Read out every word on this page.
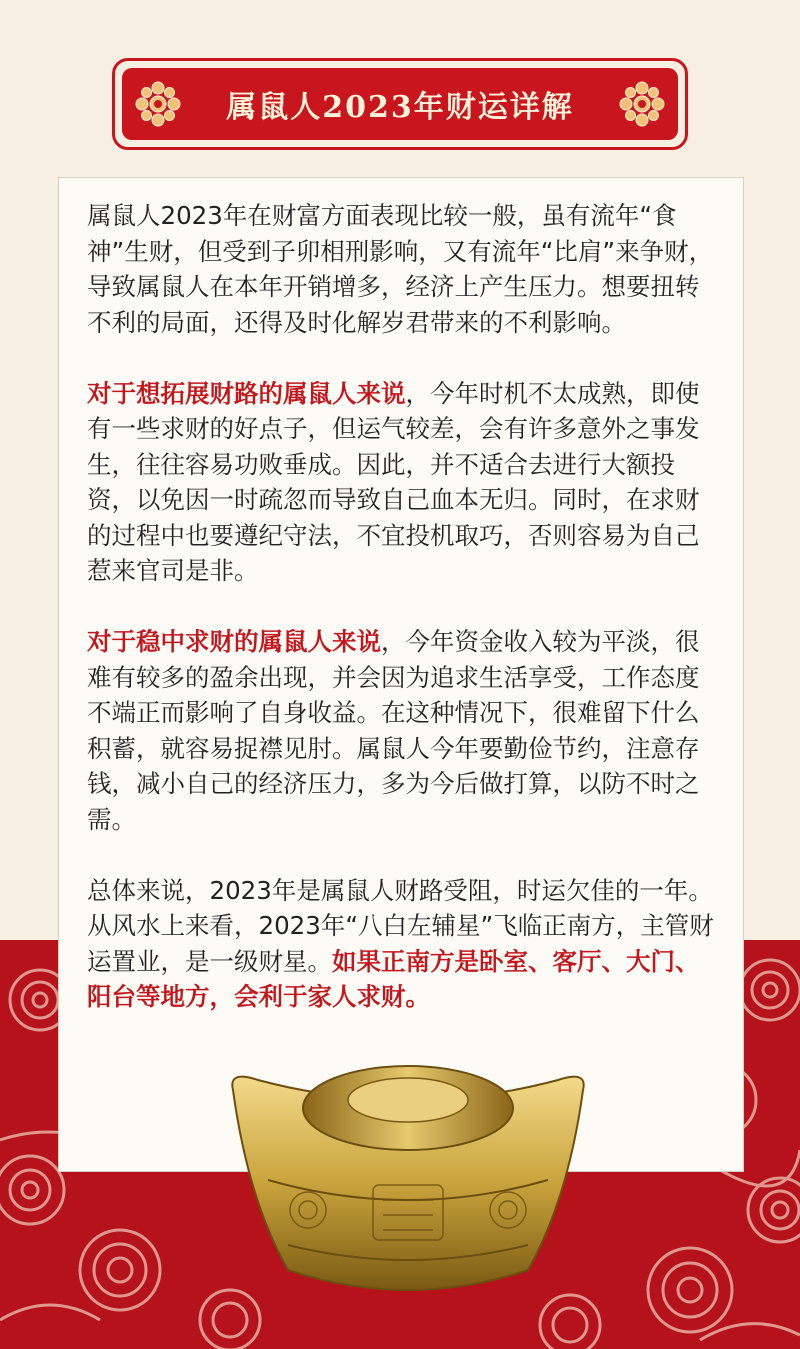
属鼠人2023年财运详解

属鼠人2023年在财富方面表现比较一般，虽有流年“食神”生财，但受到子卯相刑影响，又有流年“比肩”来争财，导致属鼠人在本年开销增多，经济上产生压力。想要扭转不利的局面，还得及时化解岁君带来的不利影响。

对于想拓展财路的属鼠人来说，今年时机不太成熟，即使有一些求财的好点子，但运气较差，会有许多意外之事发生，往往容易功败垂成。因此，并不适合去进行大额投资，以免因一时疏忽而导致自己血本无归。同时，在求财的过程中也要遵纪守法，不宜投机取巧，否则容易为自己惹来官司是非。

对于稳中求财的属鼠人来说，今年资金收入较为平淡，很难有较多的盈余出现，并会因为追求生活享受，工作态度不端正而影响了自身收益。在这种情况下，很难留下什么积蓄，就容易捉襟见肘。属鼠人今年要勤俭节约，注意存钱，减小自己的经济压力，多为今后做打算，以防不时之需。

总体来说，2023年是属鼠人财路受阻，时运欠佳的一年。从风水上来看，2023年“八白左辅星”飞临正南方，主管财运置业，是一级财星。如果正南方是卧室、客厅、大门、阳台等地方，会利于家人求财。
